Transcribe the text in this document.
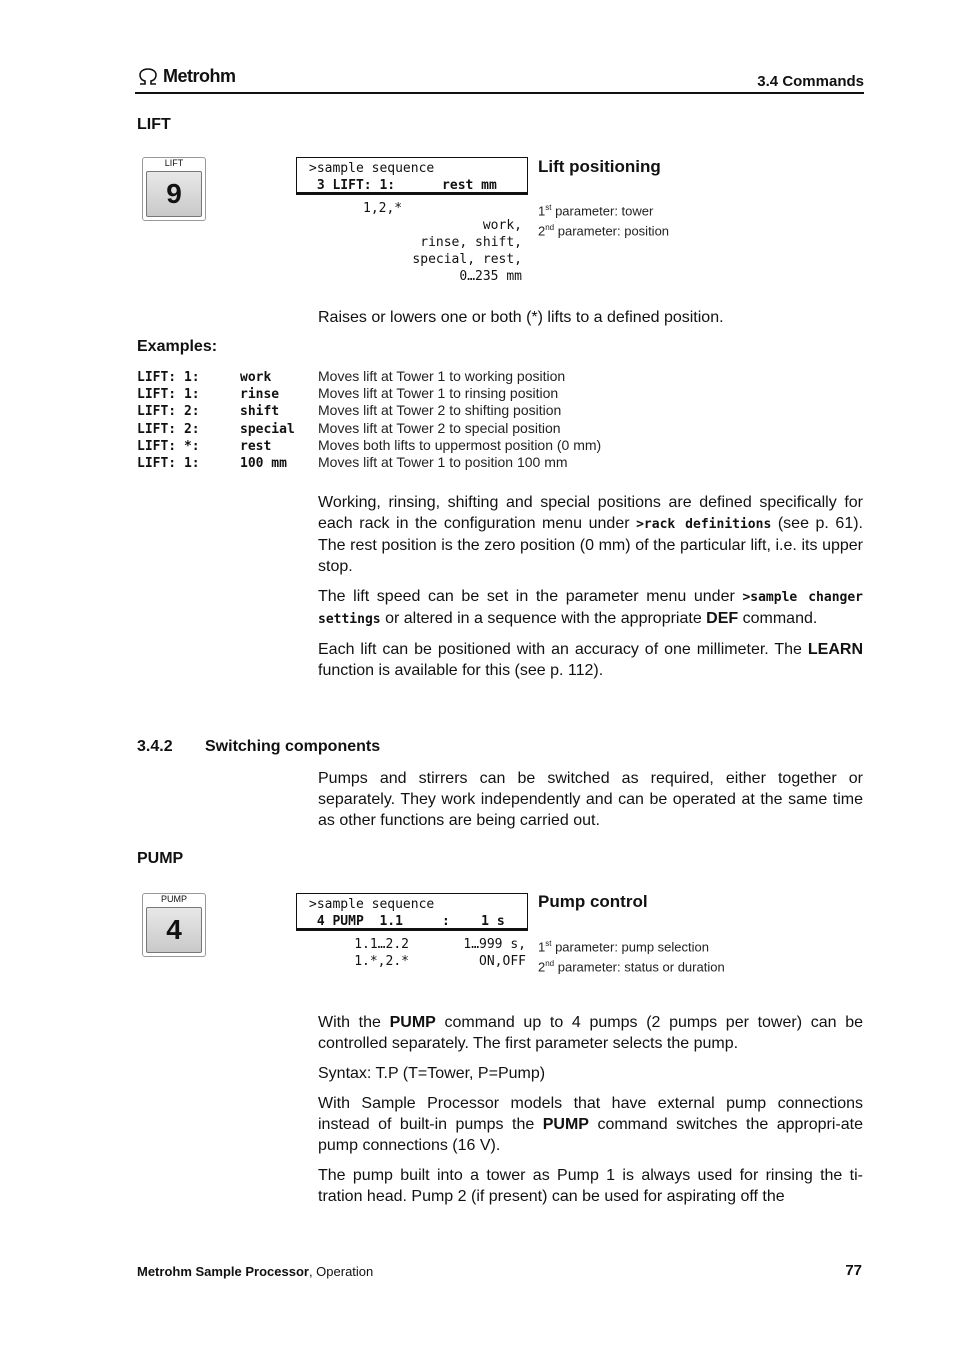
Metrohm	3.4 Commands
LIFT
LIFT
9
>sample sequence
3 LIFT: 1:      rest mm
Lift positioning
1,2,*
work,
rinse, shift,
special, rest,
0…235 mm
1st parameter: tower
2nd parameter: position
Raises or lowers one or both (*) lifts to a defined position.
Examples:
LIFT: 1:	work	Moves lift at Tower 1 to working position
LIFT: 1:	rinse	Moves lift at Tower 1 to rinsing position
LIFT: 2:	shift	Moves lift at Tower 2 to shifting position
LIFT: 2:	special Moves lift at Tower 2 to special position
LIFT: *:	rest	Moves both lifts to uppermost position (0 mm)
LIFT: 1:	100 mm Moves lift at Tower 1 to position 100 mm

Working, rinsing, shifting and special positions are defined specifically for each rack in the configuration menu under >rack definitions (see p. 61). The rest position is the zero position (0 mm) of the particular lift, i.e. its upper stop.

The lift speed can be set in the parameter menu under >sample changer settings or altered in a sequence with the appropriate DEF command.

Each lift can be positioned with an accuracy of one millimeter. The LEARN function is available for this (see p. 112).

3.4.2 Switching components
Pumps and stirrers can be switched as required, either together or separately. They work independently and can be operated at the same time as other functions are being carried out.
PUMP
PUMP
4
>sample sequence
4 PUMP  1.1     :    1 s
Pump control
1.1…2.2
1.*,2.*
1…999 s,
ON,OFF
1st parameter: pump selection
2nd parameter: status or duration

With the PUMP command up to 4 pumps (2 pumps per tower) can be controlled separately. The first parameter selects the pump.

Syntax: T.P (T=Tower, P=Pump)

With Sample Processor models that have external pump connections instead of built-in pumps the PUMP command switches the appropri-ate pump connections (16 V).

The pump built into a tower as Pump 1 is always used for rinsing the ti-tration head. Pump 2 (if present) can be used for aspirating off the

Metrohm Sample Processor, Operation	77
